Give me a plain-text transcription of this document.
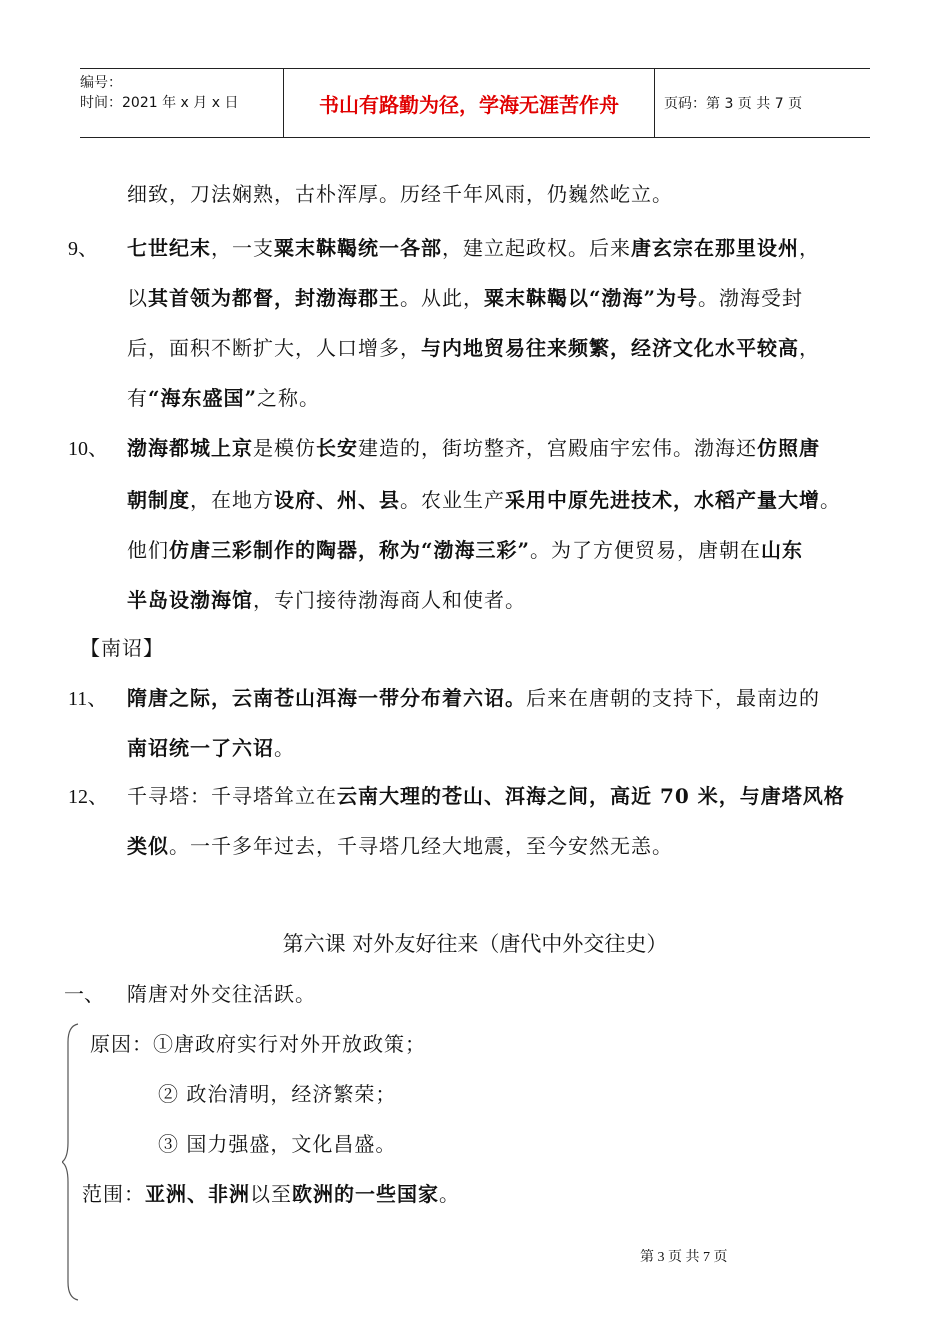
编号：
时间：2021 年 x 月 x 日	书山有路勤为径，学海无涯苦作舟	页码：第 3 页 共 7 页
细致，刀法娴熟，古朴浑厚。历经千年风雨，仍巍然屹立。
9、 七世纪末，一支粟末靺鞨统一各部，建立起政权。后来唐玄宗在那里设州，
以其首领为都督，封渤海郡王。从此，粟末靺鞨以“渤海”为号。渤海受封
后，面积不断扩大，人口增多，与内地贸易往来频繁，经济文化水平较高，
有“海东盛国”之称。
10、 渤海都城上京是模仿长安建造的，街坊整齐，宫殿庙宇宏伟。渤海还仿照唐
朝制度，在地方设府、州、县。农业生产采用中原先进技术，水稻产量大增。
他们仿唐三彩制作的陶器，称为“渤海三彩”。为了方便贸易，唐朝在山东
半岛设渤海馆，专门接待渤海商人和使者。
【南诏】
11、 隋唐之际，云南苍山洱海一带分布着六诏。后来在唐朝的支持下，最南边的
南诏统一了六诏。
12、 千寻塔：千寻塔耸立在云南大理的苍山、洱海之间，高近 70 米，与唐塔风格
类似。一千多年过去，千寻塔几经大地震，至今安然无恙。
第六课 对外友好往来（唐代中外交往史）
一、 隋唐对外交往活跃。
原因：①唐政府实行对外开放政策；
② 政治清明，经济繁荣；
③ 国力强盛，文化昌盛。
范围：亚洲、非洲以至欧洲的一些国家。
第 3 页 共 7 页
